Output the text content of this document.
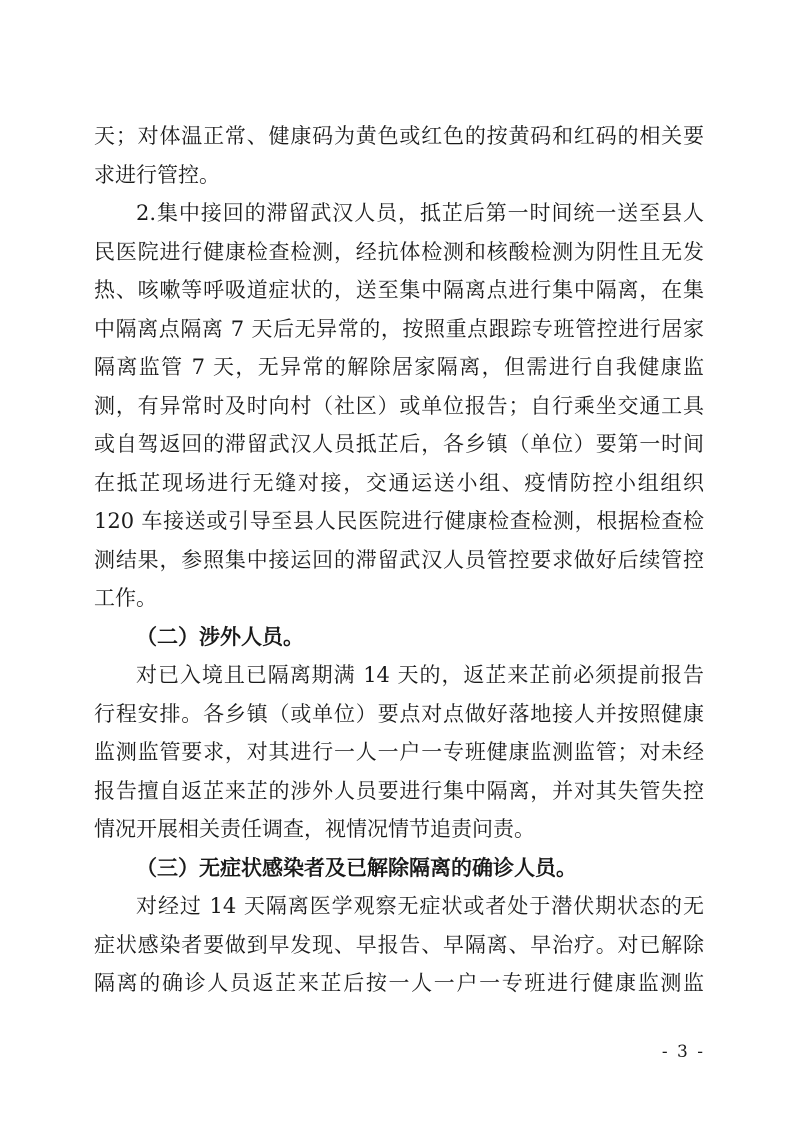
天；对体温正常、健康码为黄色或红色的按黄码和红码的相关要
求进行管控。
2.集中接回的滞留武汉人员，抵芷后第一时间统一送至县人
民医院进行健康检查检测，经抗体检测和核酸检测为阴性且无发
热、咳嗽等呼吸道症状的，送至集中隔离点进行集中隔离，在集
中隔离点隔离 7 天后无异常的，按照重点跟踪专班管控进行居家
隔离监管 7 天，无异常的解除居家隔离，但需进行自我健康监
测，有异常时及时向村（社区）或单位报告；自行乘坐交通工具
或自驾返回的滞留武汉人员抵芷后，各乡镇（单位）要第一时间
在抵芷现场进行无缝对接，交通运送小组、疫情防控小组组织
120 车接送或引导至县人民医院进行健康检查检测，根据检查检
测结果，参照集中接运回的滞留武汉人员管控要求做好后续管控
工作。
（二）涉外人员。
对已入境且已隔离期满 14 天的，返芷来芷前必须提前报告
行程安排。各乡镇（或单位）要点对点做好落地接人并按照健康
监测监管要求，对其进行一人一户一专班健康监测监管；对未经
报告擅自返芷来芷的涉外人员要进行集中隔离，并对其失管失控
情况开展相关责任调查，视情况情节追责问责。
（三）无症状感染者及已解除隔离的确诊人员。
对经过 14 天隔离医学观察无症状或者处于潜伏期状态的无
症状感染者要做到早发现、早报告、早隔离、早治疗。对已解除
隔离的确诊人员返芷来芷后按一人一户一专班进行健康监测监
- 3 -
